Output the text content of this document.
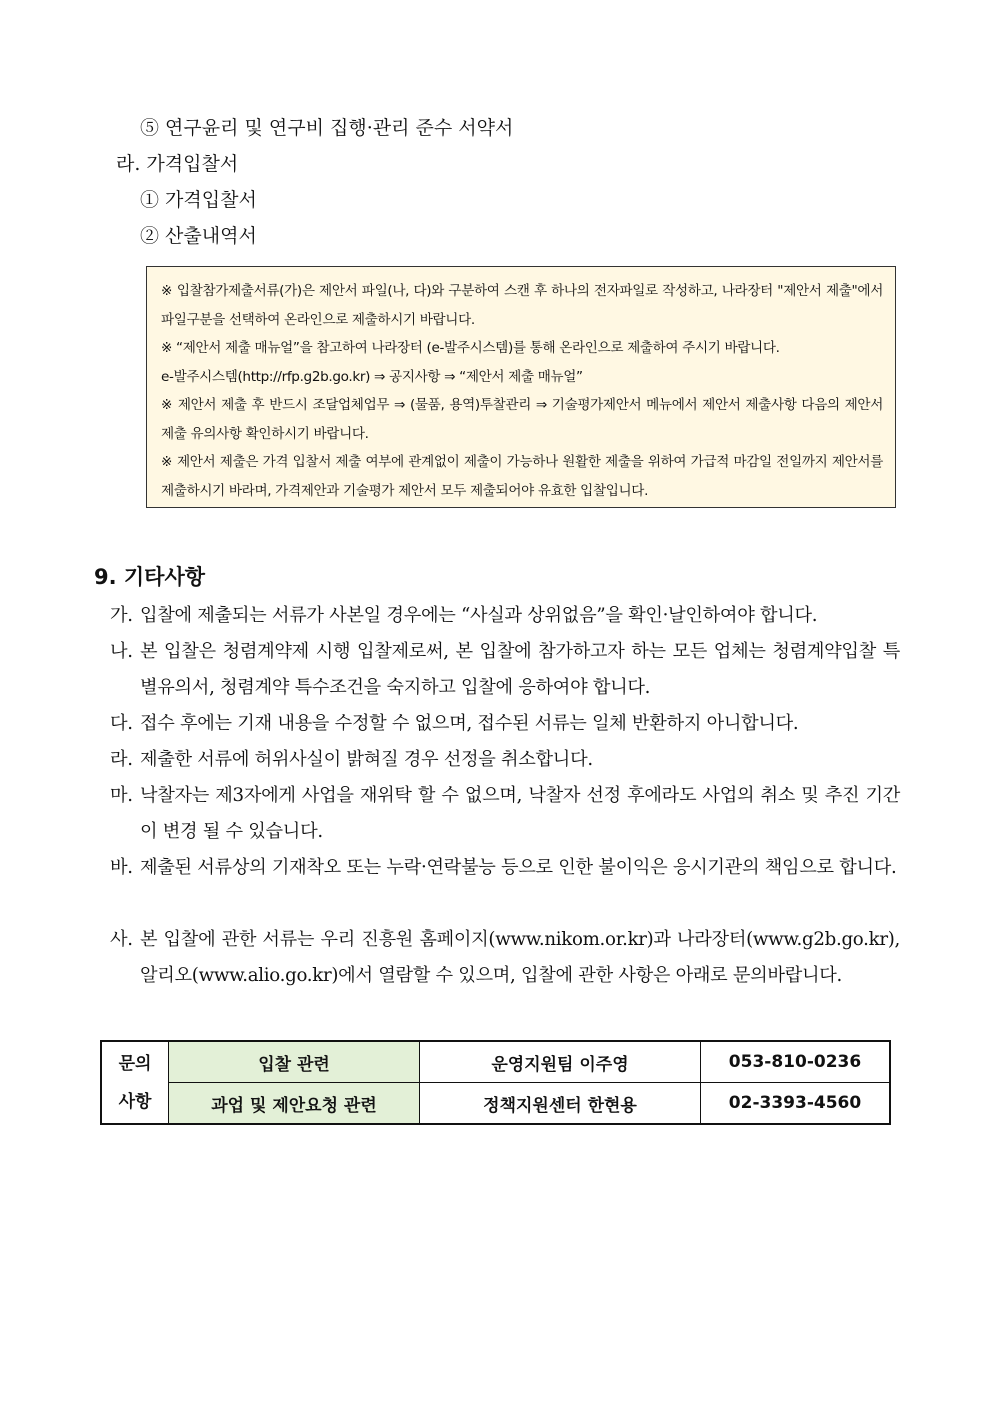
⑤ 연구윤리 및 연구비 집행·관리 준수 서약서
라. 가격입찰서
① 가격입찰서
② 산출내역서

※ 입찰참가제출서류(가)은 제안서 파일(나, 다)와 구분하여 스캔 후 하나의 전자파일로 작성하고, 나라장터 "제안서 제출"에서 파일구분을 선택하여 온라인으로 제출하시기 바랍니다.

※ “제안서 제출 매뉴얼”을 참고하여 나라장터 (e-발주시스템)를 통해 온라인으로 제출하여 주시기 바랍니다.

e-발주시스템(http://rfp.g2b.go.kr) ⇒ 공지사항 ⇒ “제안서 제출 매뉴얼”

※ 제안서 제출 후 반드시 조달업체업무 ⇒ (물품, 용역)투찰관리 ⇒ 기술평가제안서 메뉴에서 제안서 제출사항 다음의 제안서 제출 유의사항 확인하시기 바랍니다.

※ 제안서 제출은 가격 입찰서 제출 여부에 관계없이 제출이 가능하나 원활한 제출을 위하여 가급적 마감일 전일까지 제안서를 제출하시기 바라며, 가격제안과 기술평가 제안서 모두 제출되어야 유효한 입찰입니다.

9. 기타사항
가. 입찰에 제출되는 서류가 사본일 경우에는 “사실과 상위없음”을 확인·날인하여야 합니다.
나. 본 입찰은 청렴계약제 시행 입찰제로써, 본 입찰에 참가하고자 하는 모든 업체는 청렴계약입찰 특별유의서, 청렴계약 특수조건을 숙지하고 입찰에 응하여야 합니다.
다. 접수 후에는 기재 내용을 수정할 수 없으며, 접수된 서류는 일체 반환하지 아니합니다.
라. 제출한 서류에 허위사실이 밝혀질 경우 선정을 취소합니다.
마. 낙찰자는 제3자에게 사업을 재위탁 할 수 없으며, 낙찰자 선정 후에라도 사업의 취소 및 추진 기간이 변경 될 수 있습니다.
바. 제출된 서류상의 기재착오 또는 누락·연락불능 등으로 인한 불이익은 응시기관의 책임으로 합니다.
사. 본 입찰에 관한 서류는 우리 진흥원 홈페이지(www.nikom.or.kr)과 나라장터(www.g2b.go.kr), 알리오(www.alio.go.kr)에서 열람할 수 있으며, 입찰에 관한 사항은 아래로 문의바랍니다.
문의
사항	입찰 관련	운영지원팀 이주영	053-810-0236
	과업 및 제안요청 관련	정책지원센터 한현용	02-3393-4560
